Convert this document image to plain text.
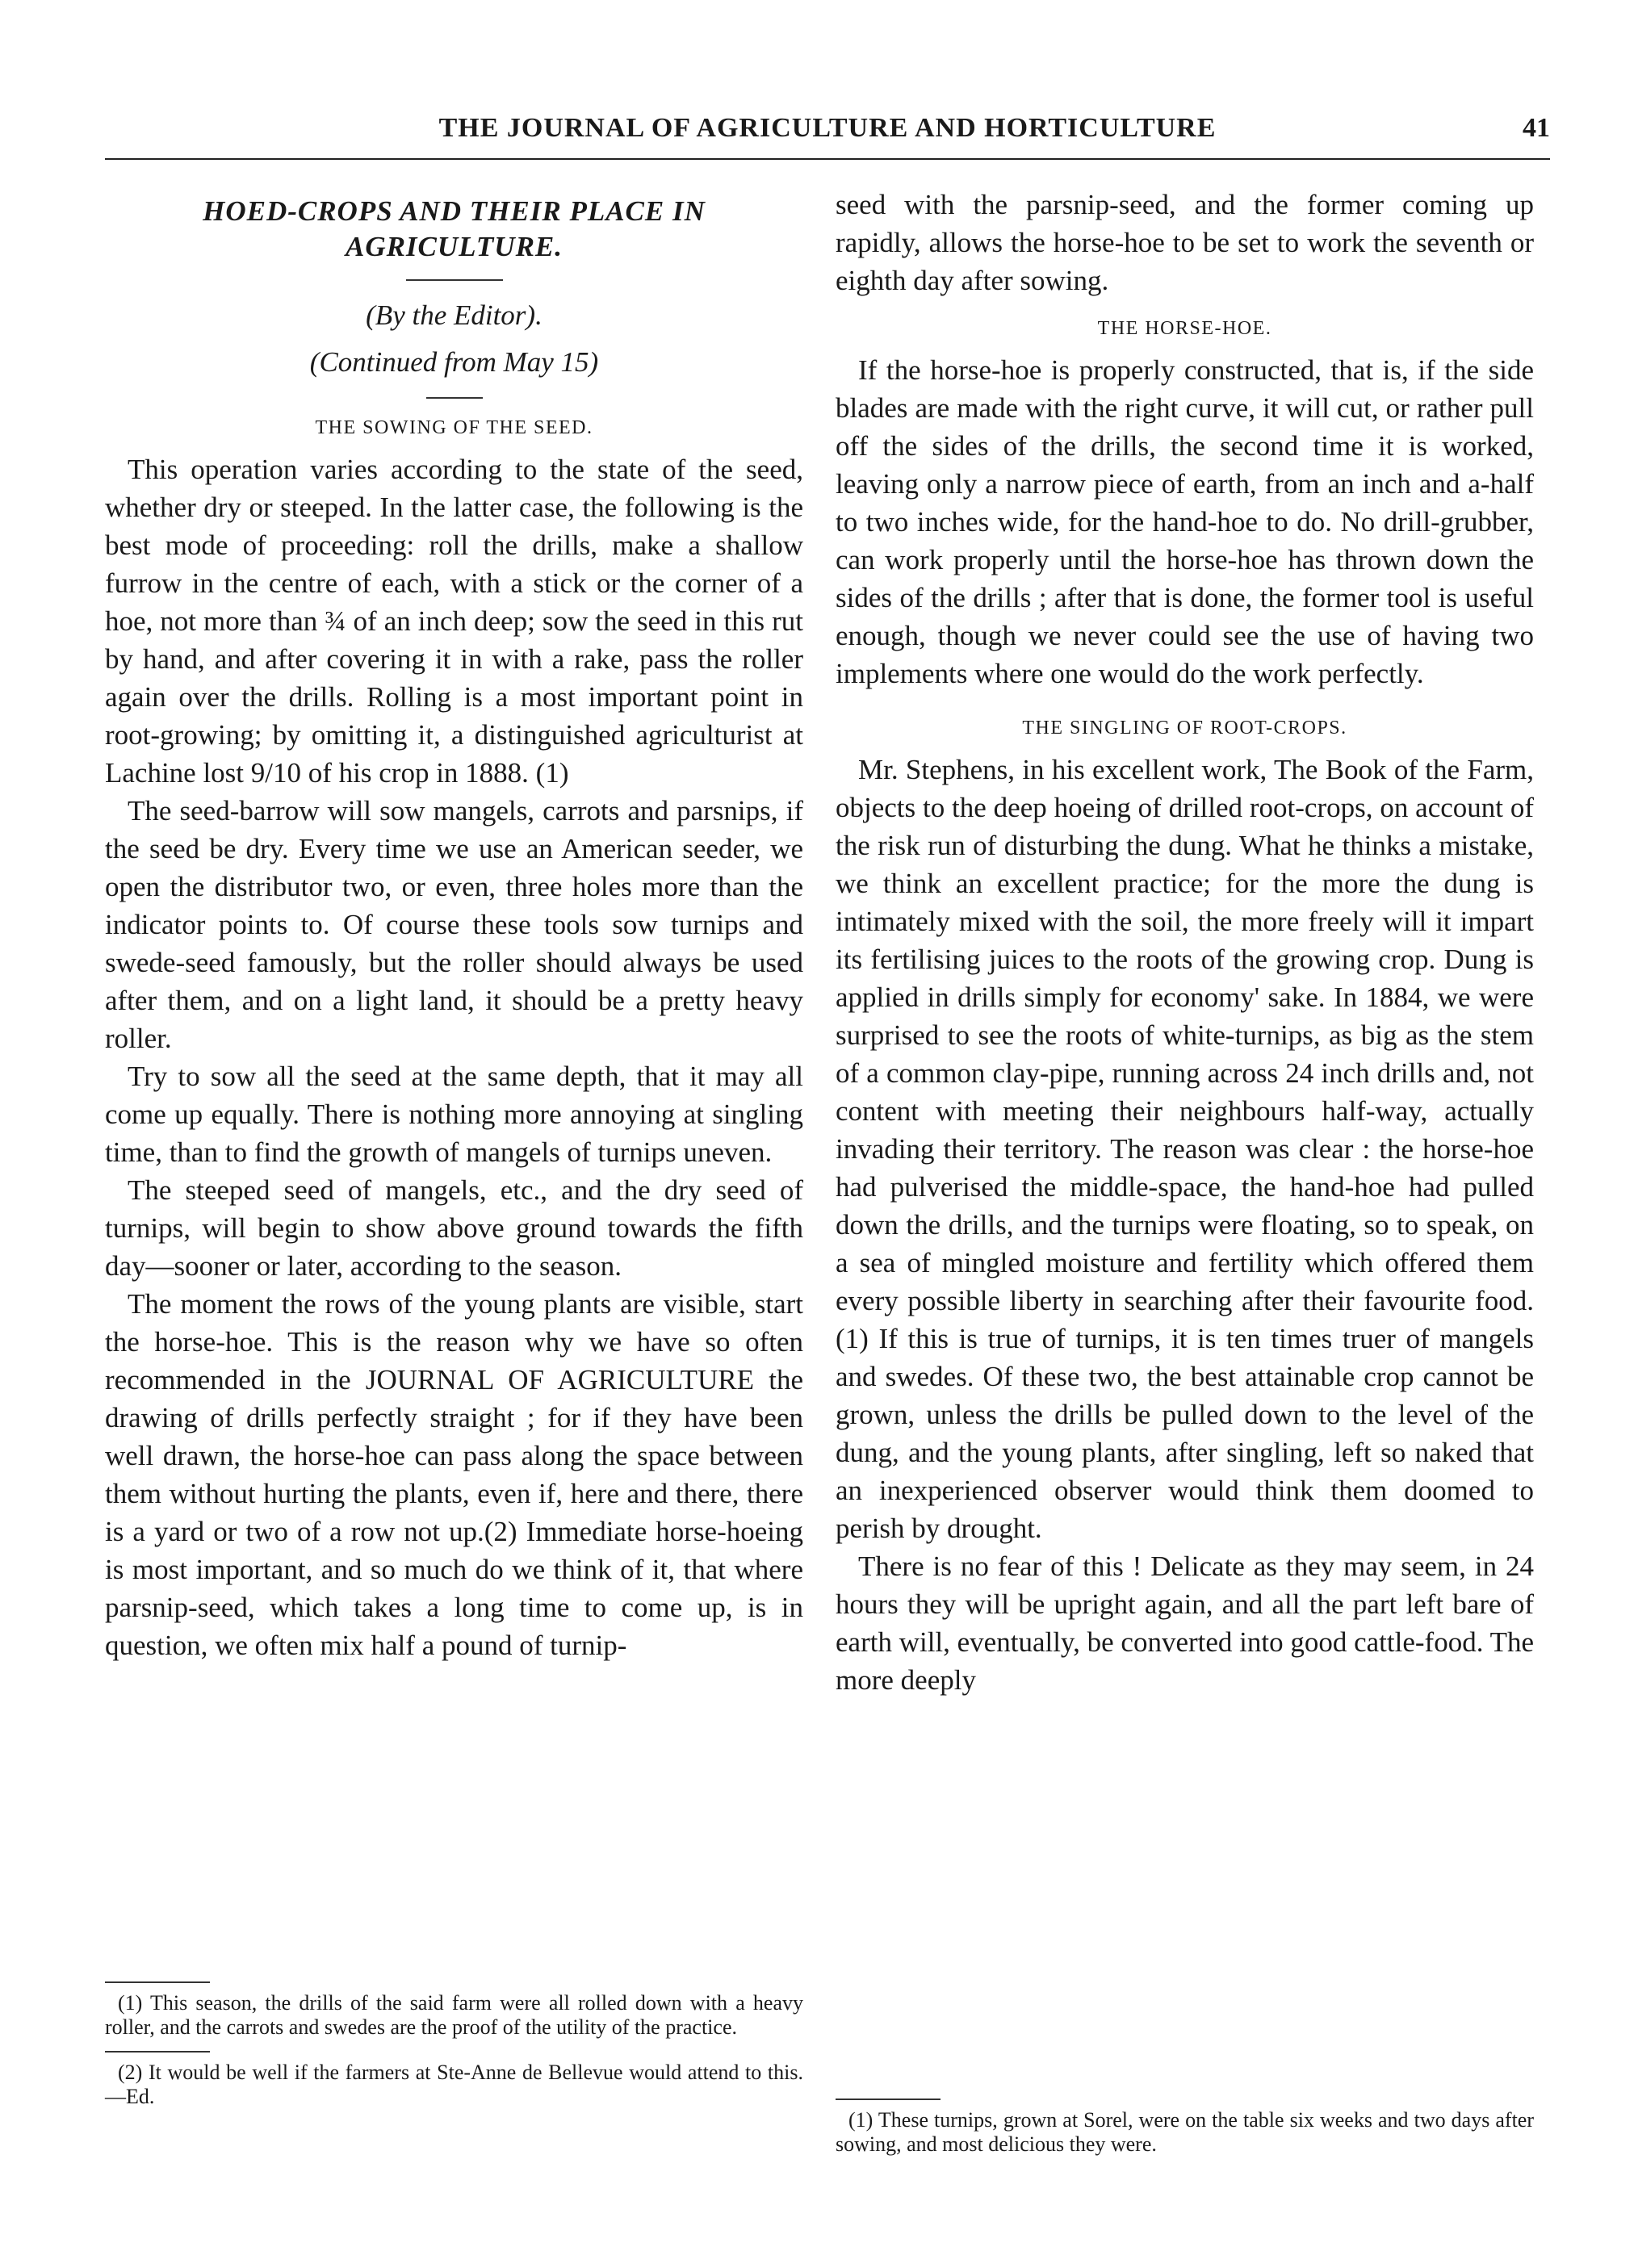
THE JOURNAL OF AGRICULTURE AND HORTICULTURE	41

HOED-CROPS AND THEIR PLACE IN AGRICULTURE.

(By the Editor).

(Continued from May 15)

THE SOWING OF THE SEED.

This operation varies according to the state of the seed, whether dry or steeped. In the latter case, the following is the best mode of proceeding: roll the drills, make a shallow furrow in the centre of each, with a stick or the corner of a hoe, not more than ¾ of an inch deep; sow the seed in this rut by hand, and after covering it in with a rake, pass the roller again over the drills. Rolling is a most important point in root-growing; by omitting it, a distinguished agriculturist at Lachine lost 9/10 of his crop in 1888. (1)

The seed-barrow will sow mangels, carrots and parsnips, if the seed be dry. Every time we use an American seeder, we open the distributor two, or even, three holes more than the indicator points to. Of course these tools sow turnips and swede-seed famously, but the roller should always be used after them, and on a light land, it should be a pretty heavy roller.

Try to sow all the seed at the same depth, that it may all come up equally. There is nothing more annoying at singling time, than to find the growth of mangels of turnips uneven.

The steeped seed of mangels, etc., and the dry seed of turnips, will begin to show above ground towards the fifth day—sooner or later, according to the season.

The moment the rows of the young plants are visible, start the horse-hoe. This is the reason why we have so often recommended in the JOURNAL OF AGRICULTURE the drawing of drills perfectly straight ; for if they have been well drawn, the horse-hoe can pass along the space between them without hurting the plants, even if, here and there, there is a yard or two of a row not up.(2) Immediate horse-hoeing is most important, and so much do we think of it, that where parsnip-seed, which takes a long time to come up, is in question, we often mix half a pound of turnip-

(1) This season, the drills of the said farm were all rolled down with a heavy roller, and the carrots and swedes are the proof of the utility of the practice.

(2) It would be well if the farmers at Ste-Anne de Bellevue would attend to this.—Ed.

seed with the parsnip-seed, and the former coming up rapidly, allows the horse-hoe to be set to work the seventh or eighth day after sowing.

THE HORSE-HOE.

If the horse-hoe is properly constructed, that is, if the side blades are made with the right curve, it will cut, or rather pull off the sides of the drills, the second time it is worked, leaving only a narrow piece of earth, from an inch and a-half to two inches wide, for the hand-hoe to do. No drill-grubber, can work properly until the horse-hoe has thrown down the sides of the drills ; after that is done, the former tool is useful enough, though we never could see the use of having two implements where one would do the work perfectly.

THE SINGLING OF ROOT-CROPS.

Mr. Stephens, in his excellent work, The Book of the Farm, objects to the deep hoeing of drilled root-crops, on account of the risk run of disturbing the dung. What he thinks a mistake, we think an excellent practice; for the more the dung is intimately mixed with the soil, the more freely will it impart its fertilising juices to the roots of the growing crop. Dung is applied in drills simply for economy' sake. In 1884, we were surprised to see the roots of white-turnips, as big as the stem of a common clay-pipe, running across 24 inch drills and, not content with meeting their neighbours half-way, actually invading their territory. The reason was clear : the horse-hoe had pulverised the middle-space, the hand-hoe had pulled down the drills, and the turnips were floating, so to speak, on a sea of mingled moisture and fertility which offered them every possible liberty in searching after their favourite food. (1) If this is true of turnips, it is ten times truer of mangels and swedes. Of these two, the best attainable crop cannot be grown, unless the drills be pulled down to the level of the dung, and the young plants, after singling, left so naked that an inexperienced observer would think them doomed to perish by drought.

There is no fear of this ! Delicate as they may seem, in 24 hours they will be upright again, and all the part left bare of earth will, eventually, be converted into good cattle-food. The more deeply

(1) These turnips, grown at Sorel, were on the table six weeks and two days after sowing, and most delicious they were.
